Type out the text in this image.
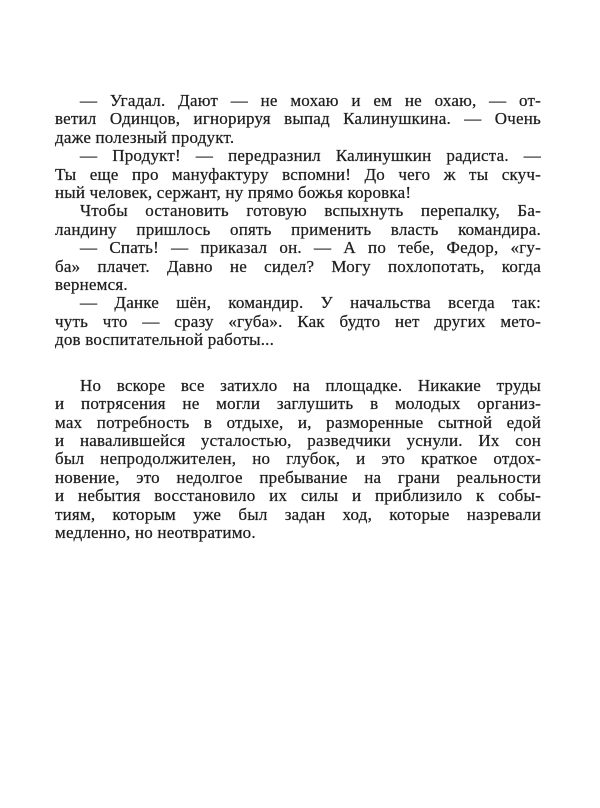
— Угадал. Дают — не мохаю и ем не охаю, — от-
ветил Одинцов, игнорируя выпад Калинушкина. — Очень
даже полезный продукт.
— Продукт! — передразнил Калинушкин радиста. —
Ты еще про мануфактуру вспомни! До чего ж ты скуч-
ный человек, сержант, ну прямо божья коровка!
Чтобы остановить готовую вспыхнуть перепалку, Ба-
ландину пришлось опять применить власть командира.
— Спать! — приказал он. — А по тебе, Федор, «гу-
ба» плачет. Давно не сидел? Могу похлопотать, когда
вернемся.
— Данке шён, командир. У начальства всегда так:
чуть что — сразу «губа». Как будто нет других мето-
дов воспитательной работы...
Но вскоре все затихло на площадке. Никакие труды
и потрясения не могли заглушить в молодых организ-
мах потребность в отдыхе, и, разморенные сытной едой
и навалившейся усталостью, разведчики уснули. Их сон
был непродолжителен, но глубок, и это краткое отдох-
новение, это недолгое пребывание на грани реальности
и небытия восстановило их силы и приблизило к собы-
тиям, которым уже был задан ход, которые назревали
медленно, но неотвратимо.
